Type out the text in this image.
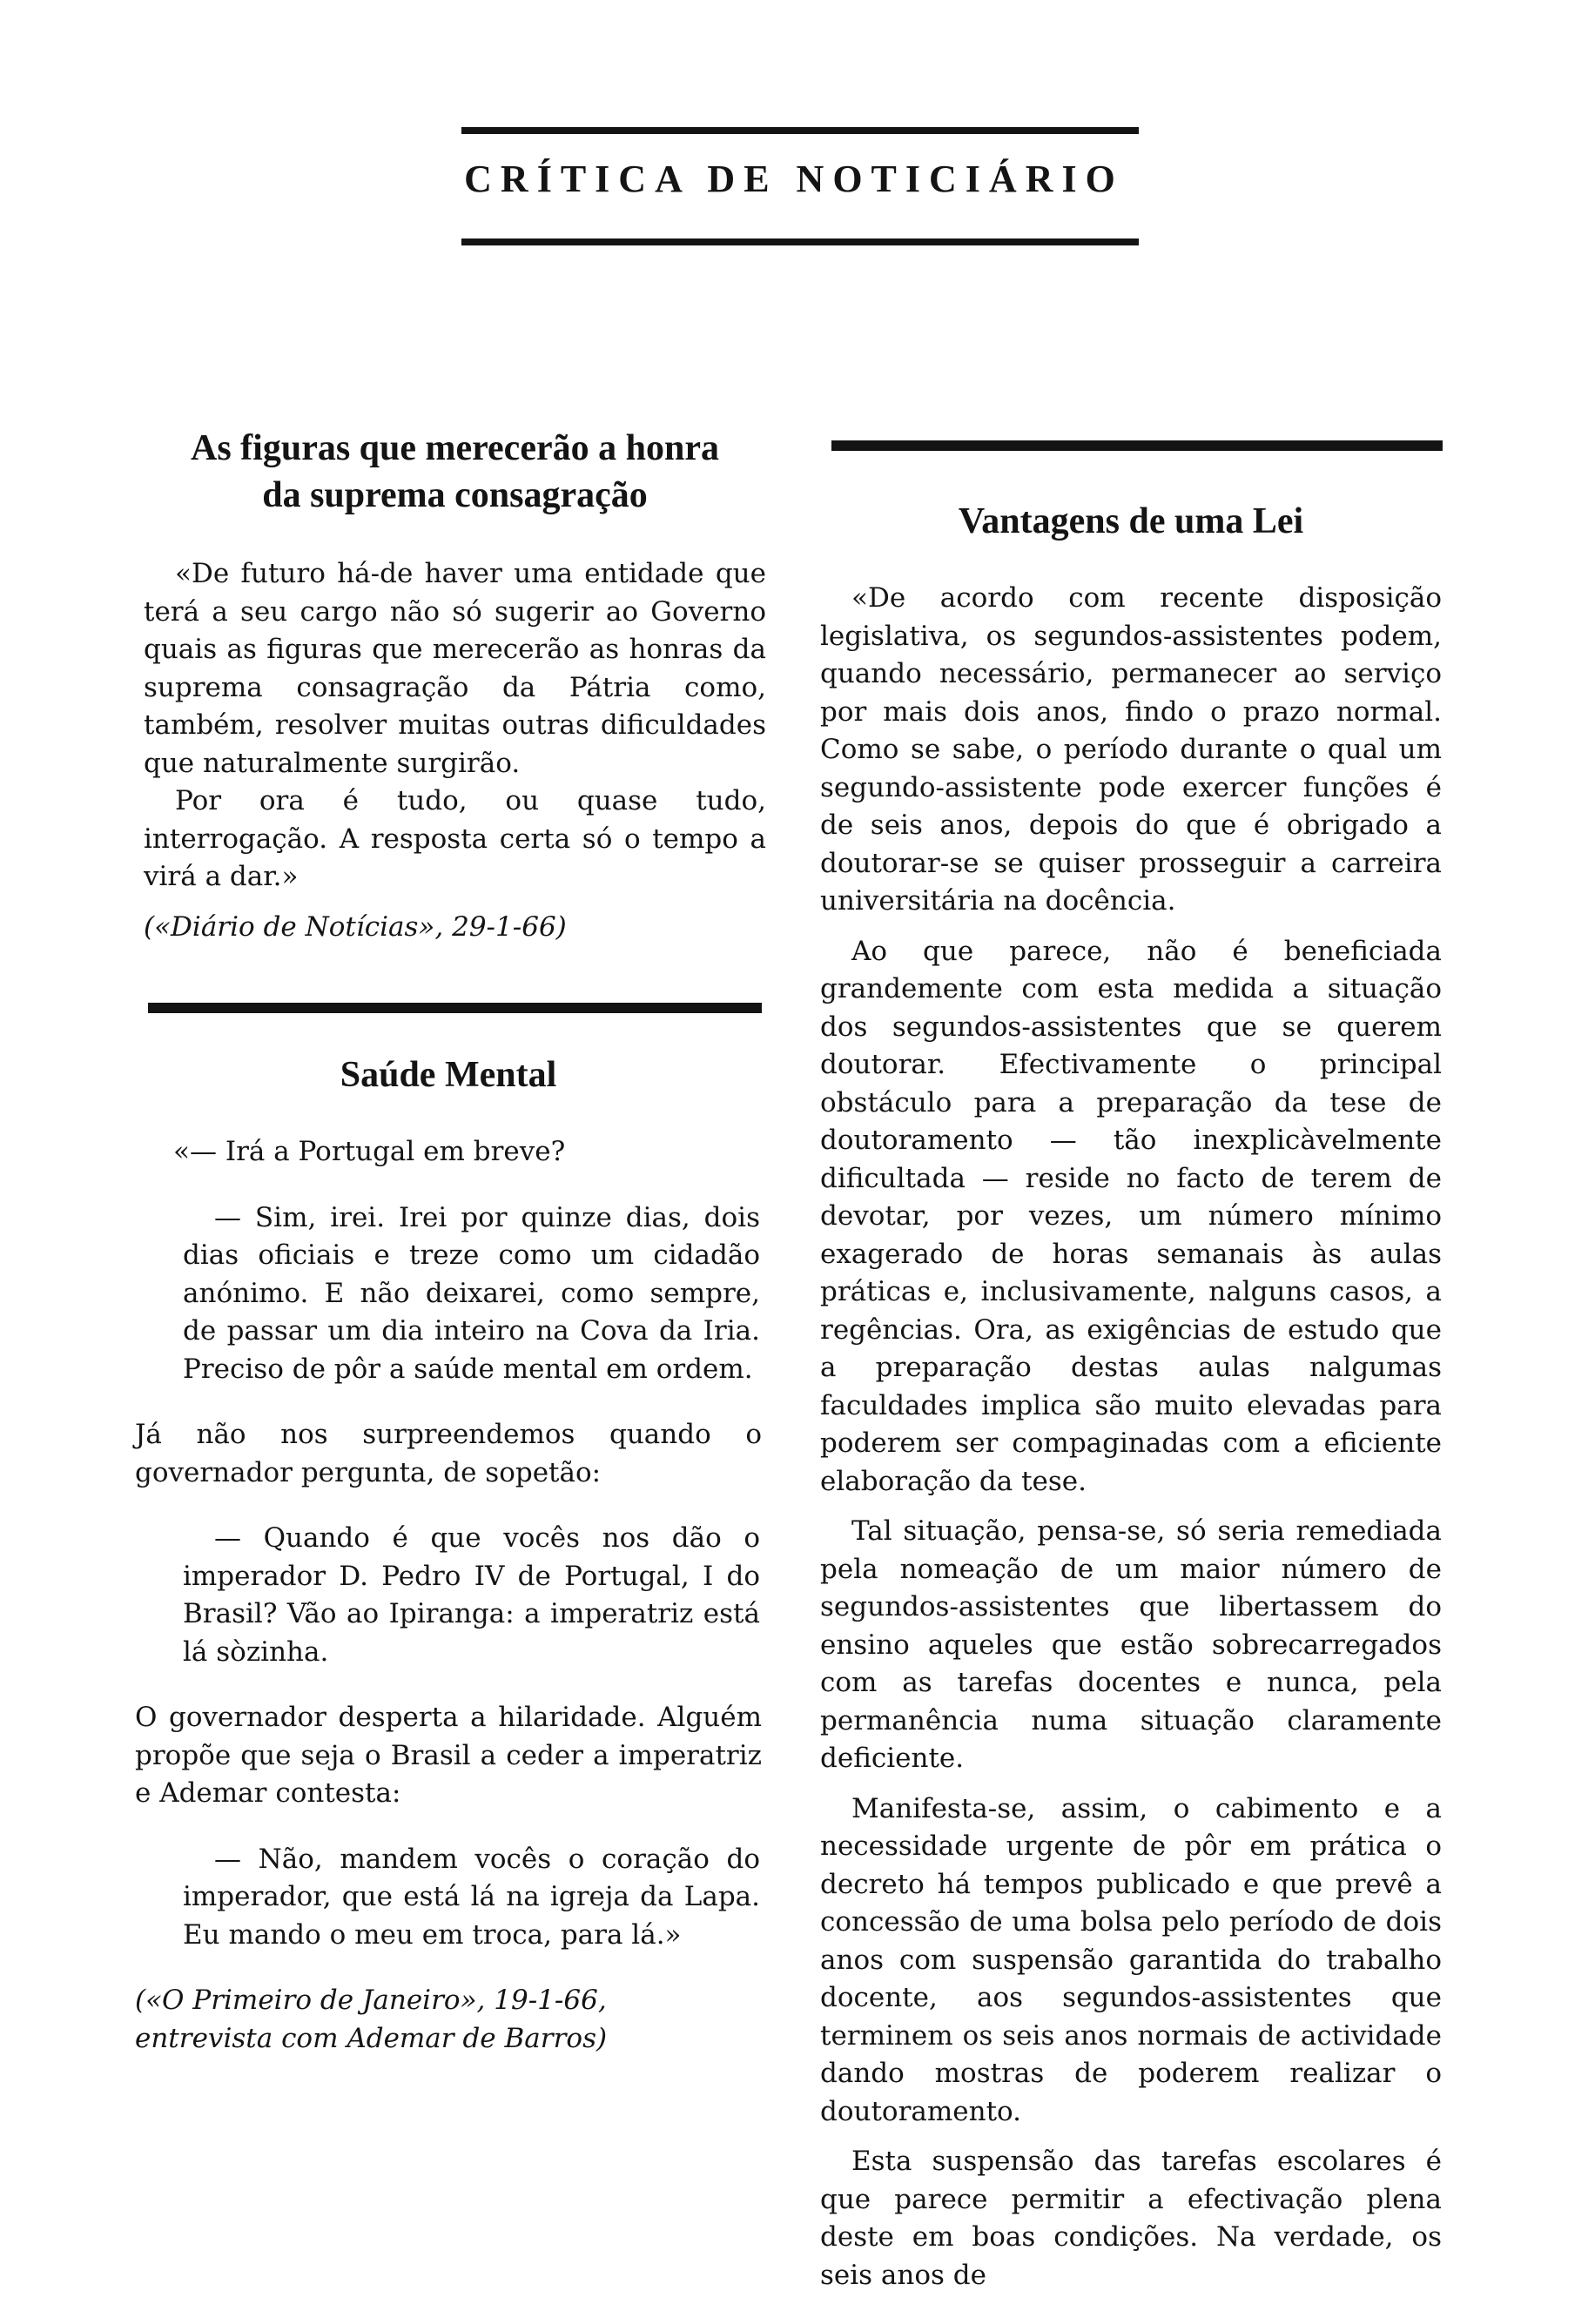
CRÍTICA DE NOTICIÁRIO
As figuras que merecerão a honra
da suprema consagração

«De futuro há-de haver uma entidade que terá a seu cargo não só sugerir ao Governo quais as figuras que merecerão as honras da suprema consagração da Pátria como, também, resolver muitas outras dificuldades que naturalmente surgirão.

Por ora é tudo, ou quase tudo, interrogação. A resposta certa só o tempo a virá a dar.»

(«Diário de Notícias», 29-1-66)

Saúde Mental

«— Irá a Portugal em breve?

— Sim, irei. Irei por quinze dias, dois dias oficiais e treze como um cidadão anónimo. E não deixarei, como sempre, de passar um dia inteiro na Cova da Iria. Preciso de pôr a saúde mental em ordem.

Já não nos surpreendemos quando o governador pergunta, de sopetão:

— Quando é que vocês nos dão o imperador D. Pedro IV de Portugal, I do Brasil? Vão ao Ipiranga: a imperatriz está lá sòzinha.

O governador desperta a hilaridade. Alguém propõe que seja o Brasil a ceder a imperatriz e Ademar contesta:

— Não, mandem vocês o coração do imperador, que está lá na igreja da Lapa. Eu mando o meu em troca, para lá.»

(«O Primeiro de Janeiro», 19-1-66,
entrevista com Ademar de Barros)

Vantagens de uma Lei

«De acordo com recente disposição legislativa, os segundos-assistentes podem, quando necessário, permanecer ao serviço por mais dois anos, findo o prazo normal. Como se sabe, o período durante o qual um segundo-assistente pode exercer funções é de seis anos, depois do que é obrigado a doutorar-se se quiser prosseguir a carreira universitária na docência.

Ao que parece, não é beneficiada grandemente com esta medida a situação dos segundos-assistentes que se querem doutorar. Efectivamente o principal obstáculo para a preparação da tese de doutoramento — tão inexplicàvelmente dificultada — reside no facto de terem de devotar, por vezes, um número mínimo exagerado de horas semanais às aulas práticas e, inclusivamente, nalguns casos, a regências. Ora, as exigências de estudo que a preparação destas aulas nalgumas faculdades implica são muito elevadas para poderem ser compaginadas com a eficiente elaboração da tese.

Tal situação, pensa-se, só seria remediada pela nomeação de um maior número de segundos-assistentes que libertassem do ensino aqueles que estão sobrecarregados com as tarefas docentes e nunca, pela permanência numa situação claramente deficiente.

Manifesta-se, assim, o cabimento e a necessidade urgente de pôr em prática o decreto há tempos publicado e que prevê a concessão de uma bolsa pelo período de dois anos com suspensão garantida do trabalho docente, aos segundos-assistentes que terminem os seis anos normais de actividade dando mostras de poderem realizar o doutoramento.

Esta suspensão das tarefas escolares é que parece permitir a efectivação plena deste em boas condições. Na verdade, os seis anos de
